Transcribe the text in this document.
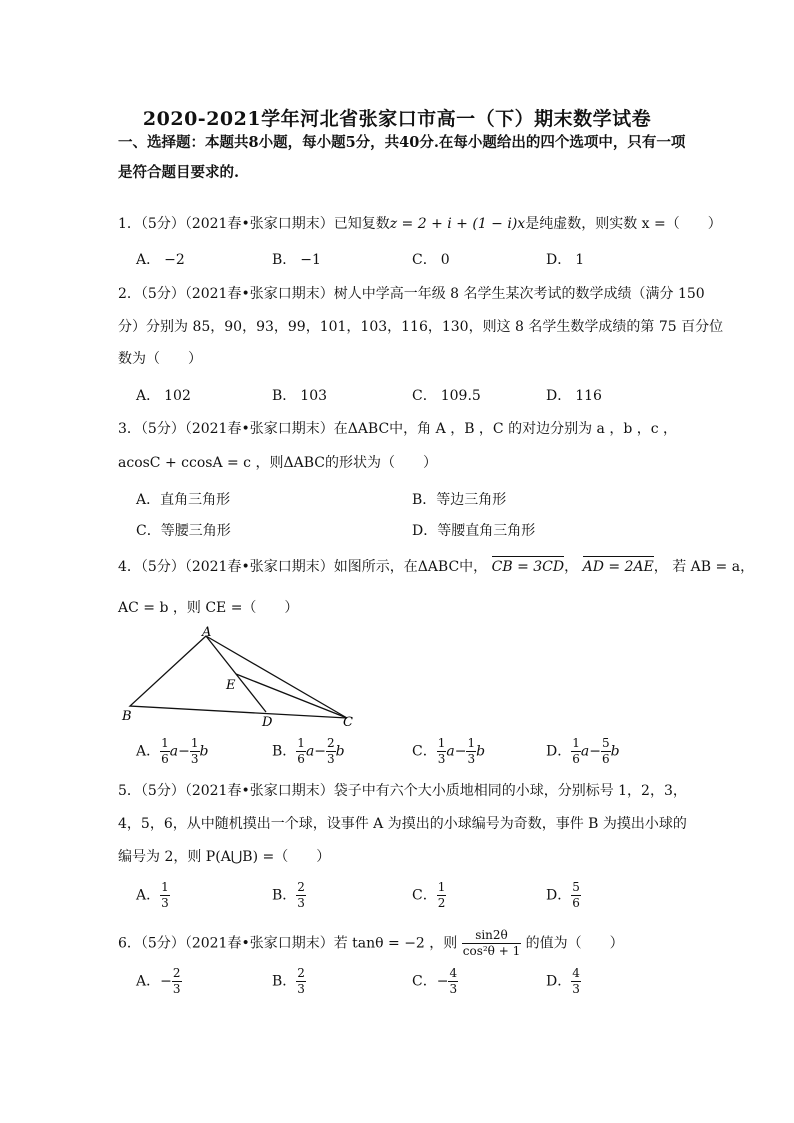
2020-2021学年河北省张家口市高一（下）期末数学试卷
一、选择题：本题共8小题，每小题5分，共40分.在每小题给出的四个选项中，只有一项
是符合题目要求的.
1．（5分）（2021春•张家口期末）已知复数z = 2 + i + (1 − i)x是纯虚数，则实数 x =（　　）
A． −2	B． −1	C． 0	D． 1
2．（5分）（2021春•张家口期末）树人中学高一年级 8 名学生某次考试的数学成绩（满分 150
分）分别为 85，90，93，99，101，103，116，130，则这 8 名学生数学成绩的第 75 百分位
数为（　　）
A． 102	B． 103	C． 109.5	D． 116
3．（5分）（2021春•张家口期末）在ΔABC中，角 A ，B ，C 的对边分别为 a ，b ，c ，
acosC + ccosA = c ，则ΔABC的形状为（　　）
A．直角三角形	B．等边三角形
C．等腰三角形	D．等腰直角三角形
4．（5分）（2021春•张家口期末）如图所示，在ΔABC中， CB = 3CD， AD = 2AE， 若 AB = a，
AC = b ，则 CE =（　　）
A
B	C
D
E
A． $\frac{1}{6} a- \frac{1}{3}$ b	B． $\frac{1}{6} a- \frac{2}{3}$ b	C． $\frac{1}{3} a- \frac{1}{3}$ b	D． $\frac{1}{6} a- \frac{5}{6}$ b
5．（5分）（2021春•张家口期末）袋子中有六个大小质地相同的小球，分别标号 1，2，3，
4，5，6，从中随机摸出一个球，设事件 A 为摸出的小球编号为奇数，事件 B 为摸出小球的
编号为 2，则 P(A⋃B) =（　　）
A． $\frac{1}{3}$	B． $\frac{2}{3}$	C． $\frac{1}{2}$	D． $\frac{5}{6}$
6．（5分）（2021春•张家口期末）若 tanθ = −2 ，则 $\frac{\sin 2\theta}{\text{cos²θ + 1}}$ 的值为（　　）
A．− $\frac{2}{3}$	B． $\frac{2}{3}$	C．− $\frac{4}{3}$	D． $\frac{4}{3}$
